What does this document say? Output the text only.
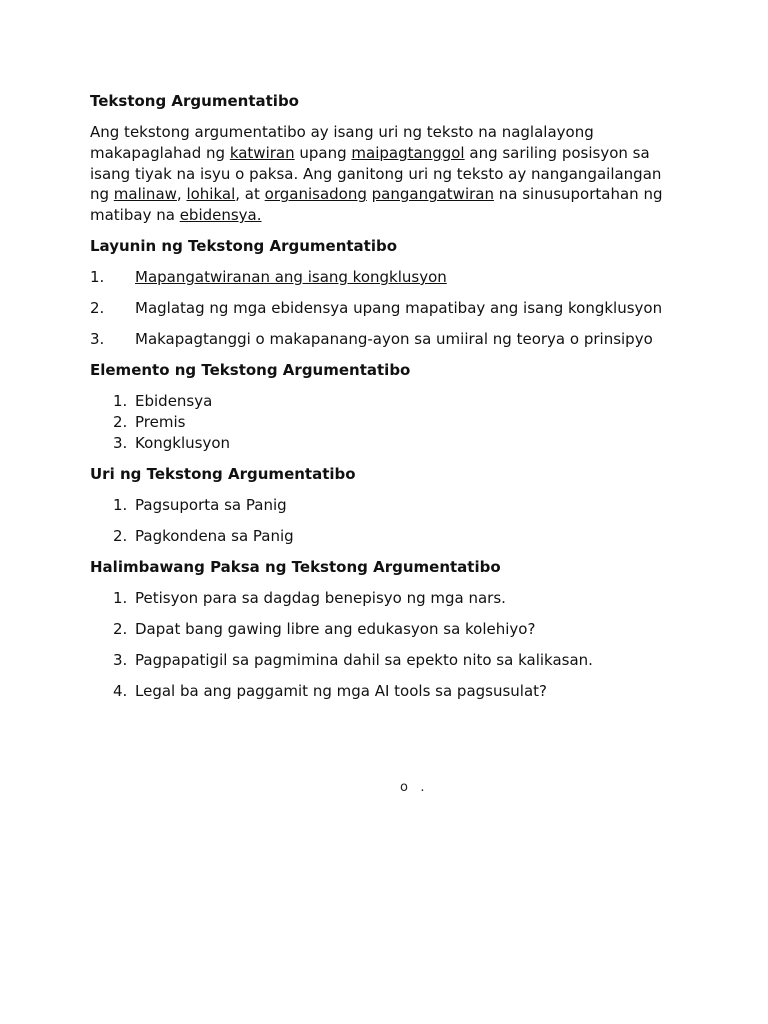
Tekstong Argumentatibo

Ang tekstong argumentatibo ay isang uri ng teksto na naglalayong makapaglahad ng katwiran upang maipagtanggol ang sariling posisyon sa isang tiyak na isyu o paksa. Ang ganitong uri ng teksto ay nangangailangan ng malinaw, lohikal, at organisadong pangangatwiran na sinusuportahan ng matibay na ebidensya.

Layunin ng Tekstong Argumentatibo

1.	Mapangatwiranan ang isang kongklusyon
2.	Maglatag ng mga ebidensya upang mapatibay ang isang kongklusyon
3.	Makapagtanggi o makapanang-ayon sa umiiral ng teorya o prinsipyo

Elemento ng Tekstong Argumentatibo

1. Ebidensya
2. Premis
3. Kongklusyon

Uri ng Tekstong Argumentatibo

1. Pagsuporta sa Panig
2. Pagkondena sa Panig

Halimbawang Paksa ng Tekstong Argumentatibo

1. Petisyon para sa dagdag benepisyo ng mga nars.
2. Dapat bang gawing libre ang edukasyon sa kolehiyo?
3. Pagpapatigil sa pagmimina dahil sa epekto nito sa kalikasan.
4. Legal ba ang paggamit ng mga AI tools sa pagsusulat?
o   .
